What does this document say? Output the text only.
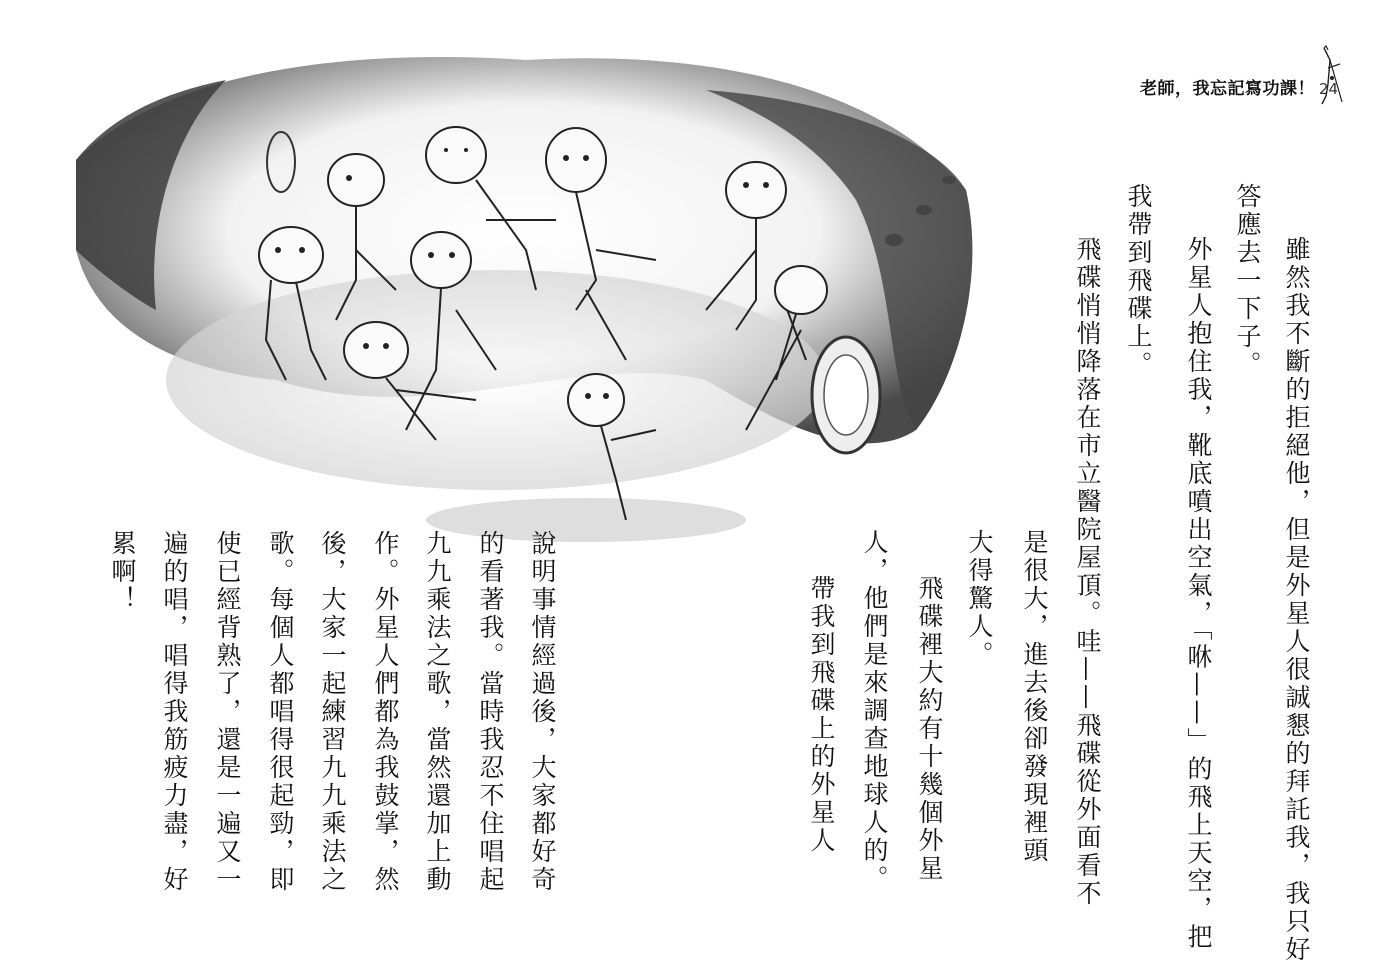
老師，我忘記寫功課！ 24
雖然我不斷的拒絕他，但是外星人很誠懇的拜託我，我只好
答應去一下子。
外星人抱住我，靴底噴出空氣，「咻——」的飛上天空，把
我帶到飛碟上。
飛碟悄悄降落在市立醫院屋頂。哇——飛碟從外面看不
是很大，進去後卻發現裡頭
大得驚人。
飛碟裡大約有十幾個外星
人，他們是來調查地球人的。
帶我到飛碟上的外星人
說明事情經過後，大家都好奇
的看著我。當時我忍不住唱起
九九乘法之歌，當然還加上動
作。外星人們都為我鼓掌，然
後，大家一起練習九九乘法之
歌。每個人都唱得很起勁，即
使已經背熟了，還是一遍又一
遍的唱，唱得我筋疲力盡，好
累啊！
